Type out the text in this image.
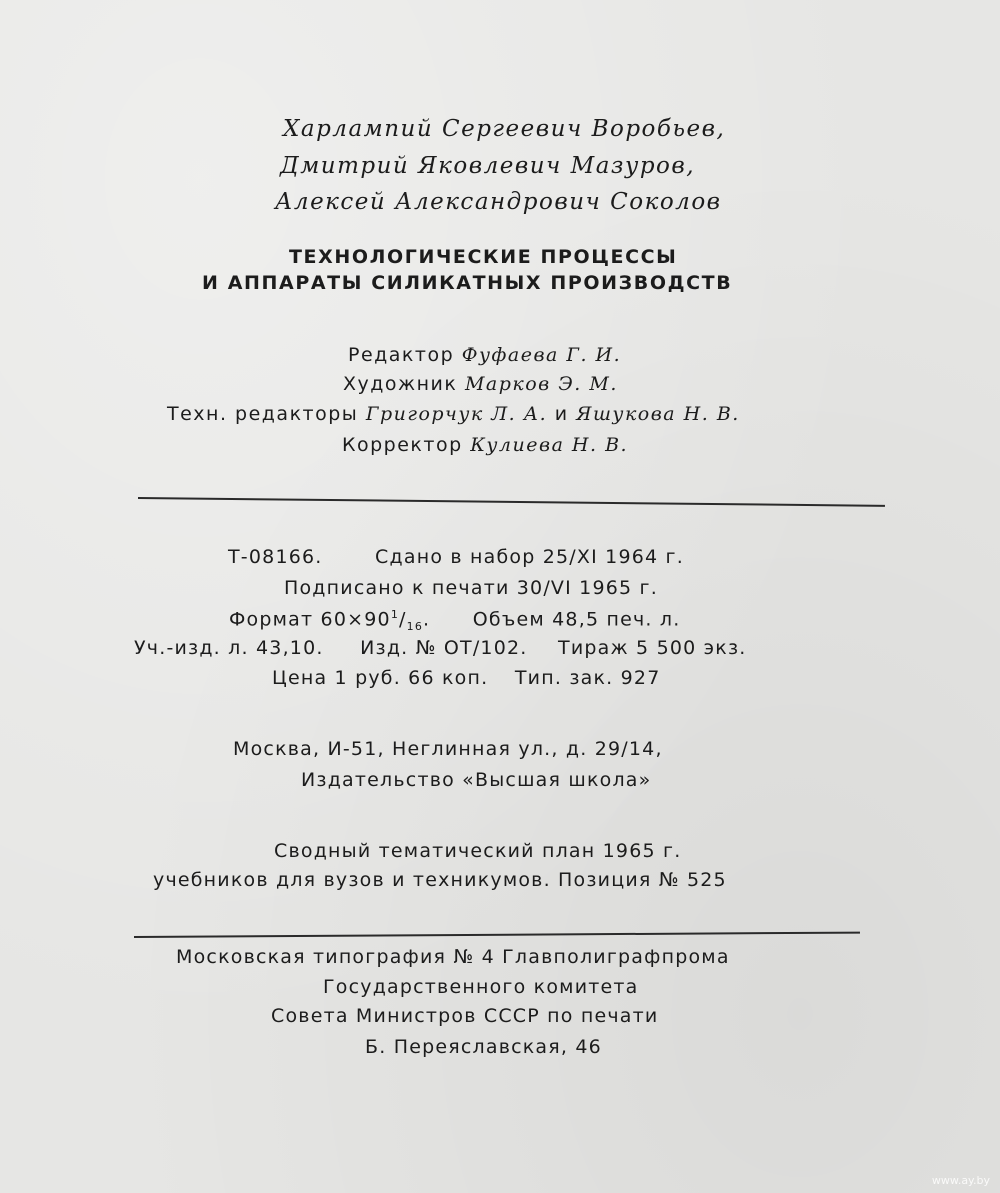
Харлампий Сергеевич Воробьев,
Дмитрий Яковлевич Мазуров,
Алексей Александрович Соколов
ТЕХНОЛОГИЧЕСКИЕ ПРОЦЕССЫ
И АППАРАТЫ СИЛИКАТНЫХ ПРОИЗВОДСТВ
Редактор Фуфаева Г. И.
Художник Марков Э. М.
Техн. редакторы Григорчук Л. А. и Яшукова Н. В.
Корректор Кулиева Н. В.
Т-08166.	Сдано в набор 25/XI 1964 г.
Подписано к печати 30/VI 1965 г.
Формат $60\times 90^1/_{16}$. Объем 48,5 печ. л.
Уч.-изд. л. 43,10. Изд. № ОТ/102. Тираж 5 500 экз.
Цена 1 руб. 66 коп. Тип. зак. 927
Москва, И-51, Неглинная ул., д. 29/14,
Издательство «Высшая школа»
Сводный тематический план 1965 г.
учебников для вузов и техникумов. Позиция № 525
Московская типография № 4 Главполиграфпрома
Государственного комитета
Совета Министров СССР по печати
Б. Переяславская, 46
www.ay.by
